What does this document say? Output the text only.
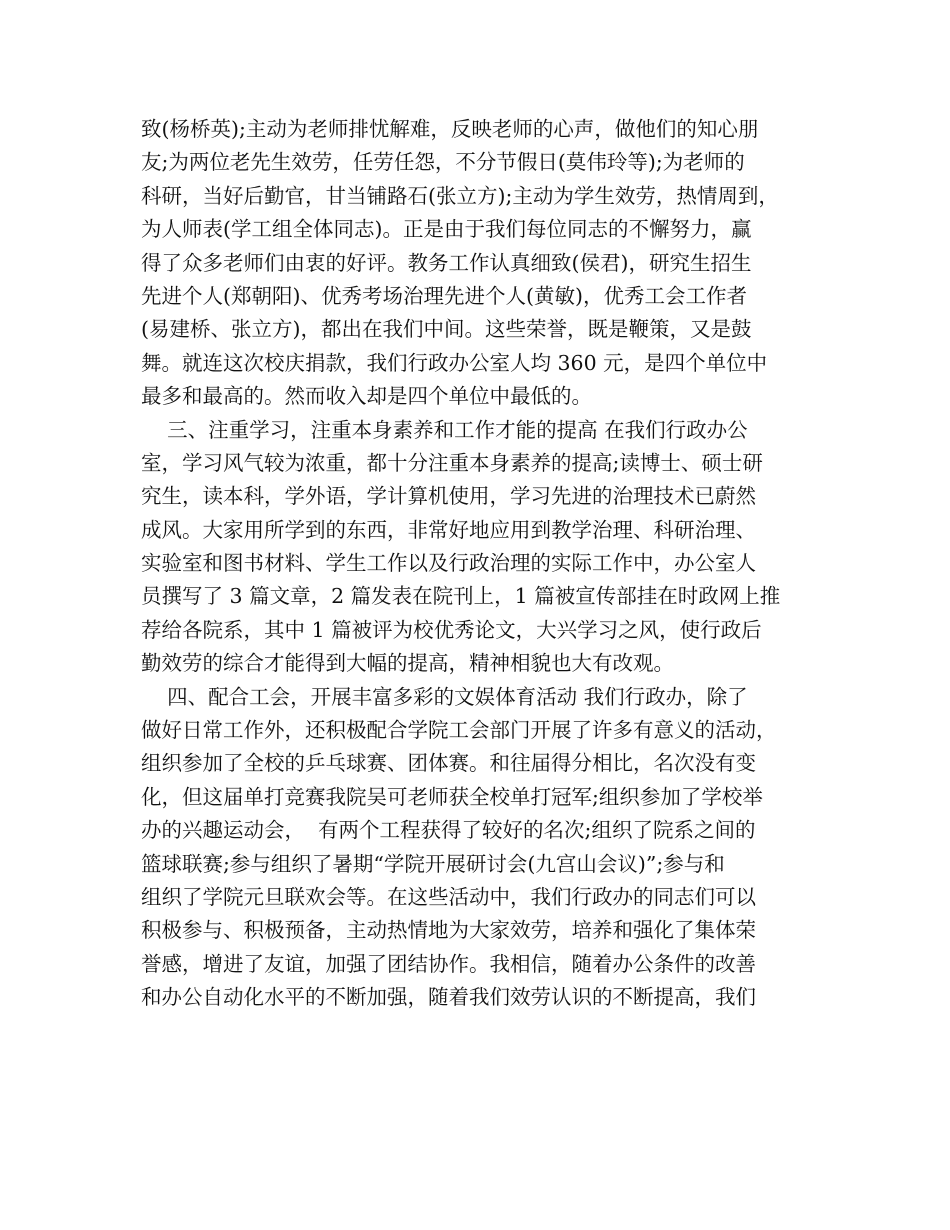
致(杨桥英);主动为老师排忧解难，反映老师的心声，做他们的知心朋
友;为两位老先生效劳，任劳任怨，不分节假日(莫伟玲等);为老师的
科研，当好后勤官，甘当铺路石(张立方);主动为学生效劳，热情周到，
为人师表(学工组全体同志)。正是由于我们每位同志的不懈努力，赢
得了众多老师们由衷的好评。教务工作认真细致(侯君)，研究生招生
先进个人(郑朝阳)、优秀考场治理先进个人(黄敏)，优秀工会工作者
(易建桥、张立方)，都出在我们中间。这些荣誉，既是鞭策，又是鼓
舞。就连这次校庆捐款，我们行政办公室人均 360 元，是四个单位中
最多和最高的。然而收入却是四个单位中最低的。
三、注重学习，注重本身素养和工作才能的提高 在我们行政办公
室，学习风气较为浓重，都十分注重本身素养的提高;读博士、硕士研
究生，读本科，学外语，学计算机使用，学习先进的治理技术已蔚然
成风。大家用所学到的东西，非常好地应用到教学治理、科研治理、
实验室和图书材料、学生工作以及行政治理的实际工作中，办公室人
员撰写了 3 篇文章，2 篇发表在院刊上，1 篇被宣传部挂在时政网上推
荐给各院系，其中 1 篇被评为校优秀论文，大兴学习之风，使行政后
勤效劳的综合才能得到大幅的提高，精神相貌也大有改观。
四、配合工会，开展丰富多彩的文娱体育活动 我们行政办，除了
做好日常工作外，还积极配合学院工会部门开展了许多有意义的活动，
组织参加了全校的乒乓球赛、团体赛。和往届得分相比，名次没有变
化，但这届单打竞赛我院吴可老师获全校单打冠军;组织参加了学校举
办的兴趣运动会，  有两个工程获得了较好的名次;组织了院系之间的
篮球联赛;参与组织了暑期“学院开展研讨会(九宫山会议)”;参与和
组织了学院元旦联欢会等。在这些活动中，我们行政办的同志们可以
积极参与、积极预备，主动热情地为大家效劳，培养和强化了集体荣
誉感，增进了友谊，加强了团结协作。我相信，随着办公条件的改善
和办公自动化水平的不断加强，随着我们效劳认识的不断提高，我们
